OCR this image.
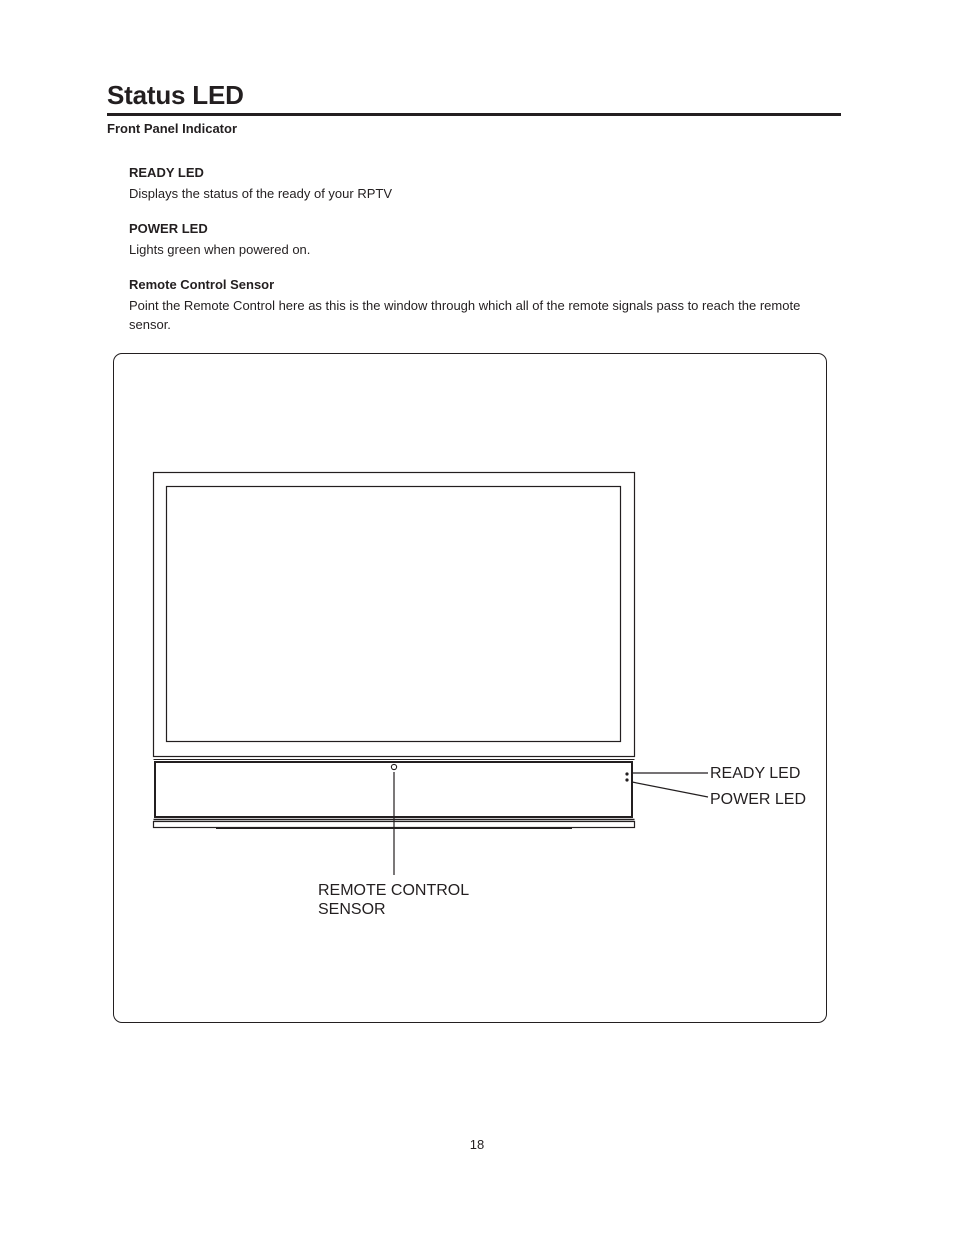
Status LED
Front Panel Indicator
READY LED
Displays the status of the ready of your RPTV
POWER LED
Lights green when powered on.
Remote Control Sensor
Point the Remote Control here as this is the window through which all of the remote signals pass to reach the remote sensor.
READY LED
POWER LED
REMOTE CONTROL
SENSOR
18
